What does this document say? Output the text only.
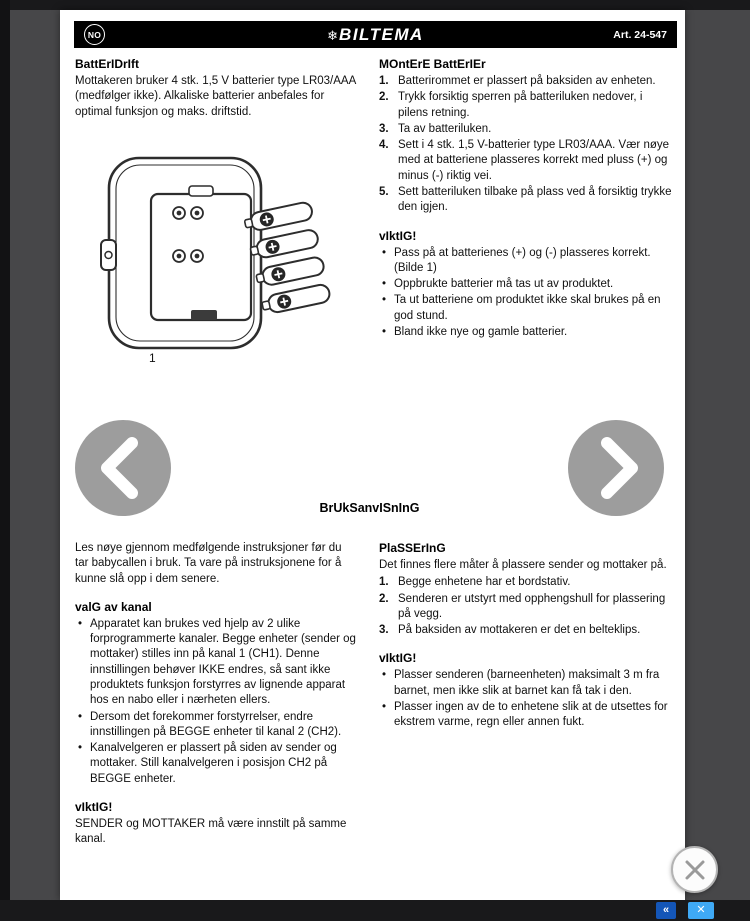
NO	❄BILTEMA	Art. 24-547
BattErIDrIft

Mottakeren bruker 4 stk. 1,5 V batterier type LR03/AAA (medfølger ikke). Alkaliske batterier anbefales for optimal funksjon og maks. driftstid.

1
MOntErE BattErIEr
Batterirommet er plassert på baksiden av enheten.
Trykk forsiktig sperren på batteriluken nedover, i pilens retning.
Ta av batteriluken.
Sett i 4 stk. 1,5 V-batterier type LR03/AAA. Vær nøye med at batteriene plasseres korrekt med pluss (+) og minus (-) riktig vei.
Sett batteriluken tilbake på plass ved å forsiktig trykke den igjen.
vIktIG!
• Pass på at batterienes (+) og (-) plasseres korrekt. (Bilde 1)
• Oppbrukte batterier må tas ut av produktet.
• Ta ut batteriene om produktet ikke skal brukes på en god stund.
• Bland ikke nye og gamle batterier.
BrUkSanvISnInG

Les nøye gjennom medfølgende instruksjoner før du tar babycallen i bruk. Ta vare på instruksjonene for å kunne slå opp i dem senere.

valG av kanal
• Apparatet kan brukes ved hjelp av 2 ulike forprogrammerte kanaler. Begge enheter (sender og mottaker) stilles inn på kanal 1 (CH1). Denne innstillingen behøver IKKE endres, så sant ikke produktets funksjon forstyrres av lignende apparat hos en nabo eller i nærheten ellers.
• Dersom det forekommer forstyrrelser, endre innstillingen på BEGGE enheter til kanal 2 (CH2).
• Kanalvelgeren er plassert på siden av sender og mottaker. Still kanalvelgeren i posisjon CH2 på BEGGE enheter.
vIktIG!

SENDER og MOTTAKER må være innstilt på samme kanal.

PlaSSErInG

Det finnes flere måter å plassere sender og mottaker på.

Begge enhetene har et bordstativ.
Senderen er utstyrt med opphengshull for plassering på vegg.
På baksiden av mottakeren er det en belteklips.
vIktIG!
• Plasser senderen (barneenheten) maksimalt 3 m fra barnet, men ikke slik at barnet kan få tak i den.
• Plasser ingen av de to enhetene slik at de utsettes for ekstrem varme, regn eller annen fukt.
«	✕
